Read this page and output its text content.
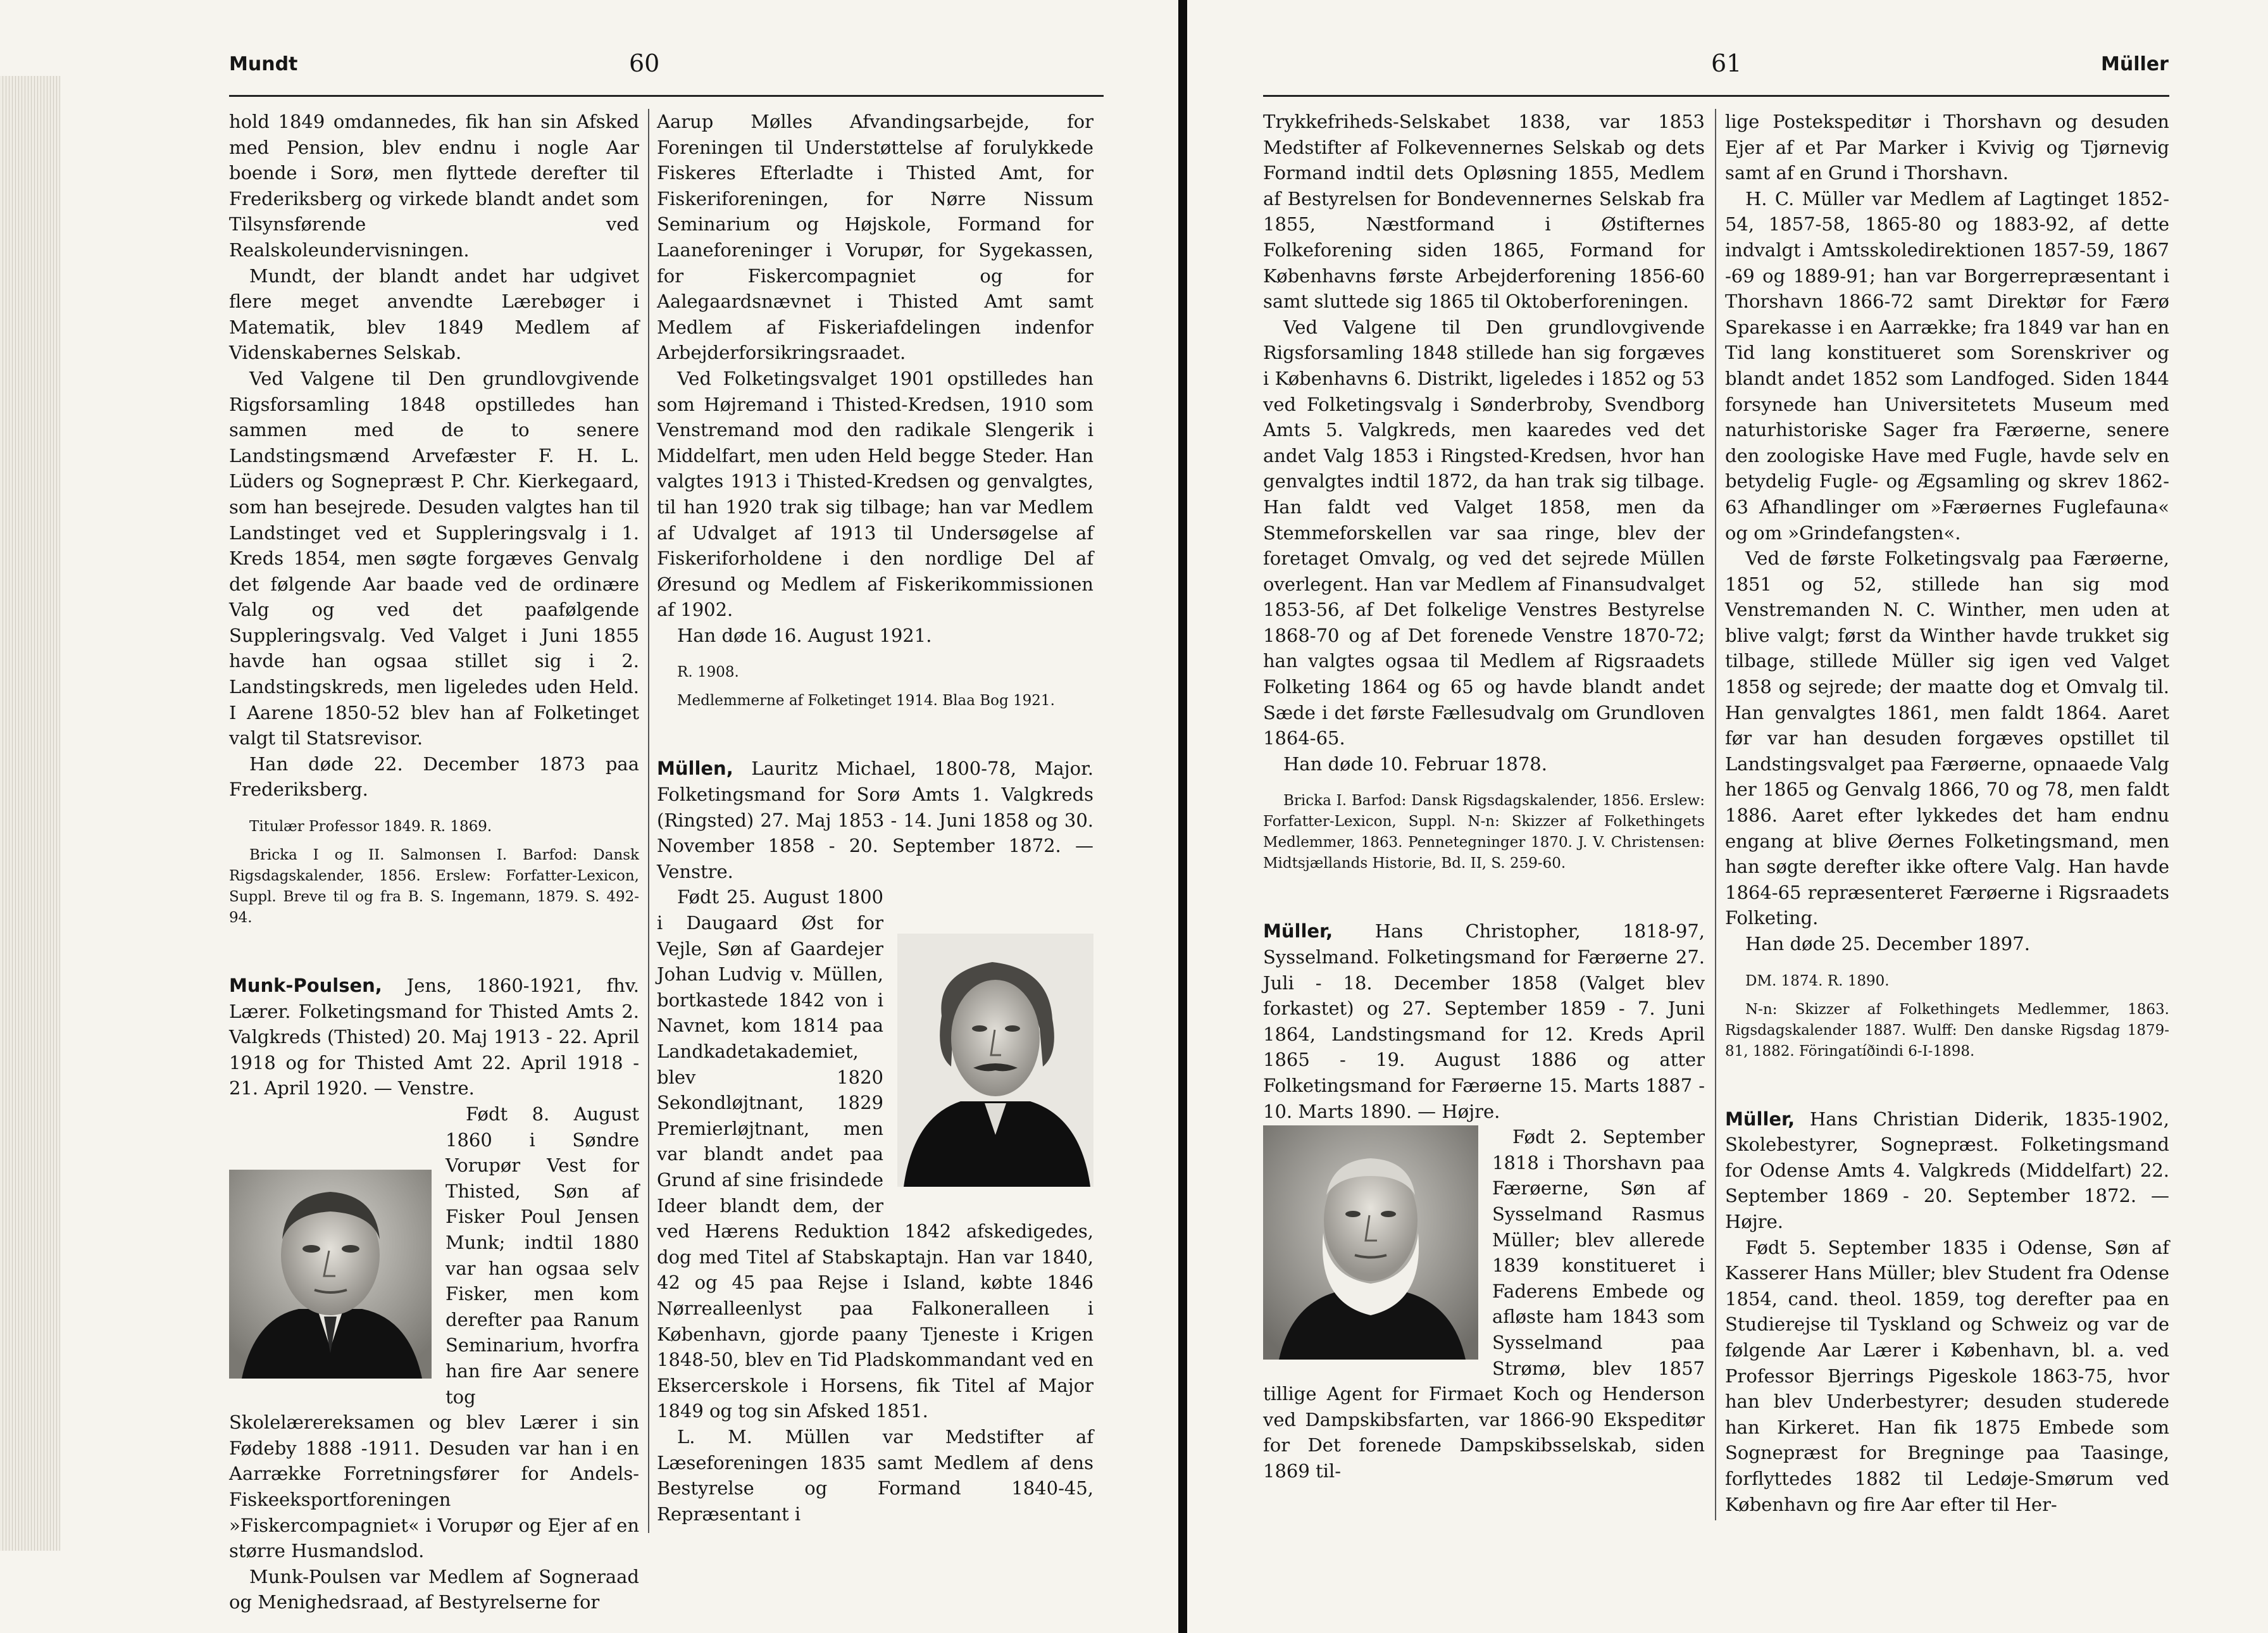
Mundt	60

hold 1849 omdannedes, fik han sin Afsked med Pension, blev endnu i nogle Aar boende i Sorø, men flyttede derefter til Frederiksberg og virkede blandt andet som Tilsynsførende ved Realskoleundervisningen.

Mundt, der blandt andet har udgivet flere meget anvendte Lærebøger i Matematik, blev 1849 Medlem af Videnskabernes Selskab.

Ved Valgene til Den grundlovgivende Rigsforsamling 1848 opstilledes han sammen med de to senere Landstingsmænd Arvefæster F. H. L. Lüders og Sognepræst P. Chr. Kierkegaard, som han besejrede. Desuden valgtes han til Landstinget ved et Suppleringsvalg i 1. Kreds 1854, men søgte forgæves Genvalg det følgende Aar baade ved de ordinære Valg og ved det paafølgende Suppleringsvalg. Ved Valget i Juni 1855 havde han ogsaa stillet sig i 2. Landstingskreds, men ligeledes uden Held. I Aarene 1850-52 blev han af Folketinget valgt til Statsrevisor.

Han døde 22. December 1873 paa Frederiksberg.

Titulær Professor 1849. R. 1869.

Bricka I og II. Salmonsen I. Barfod: Dansk Rigsdagskalender, 1856. Erslew: Forfatter-Lexicon, Suppl. Breve til og fra B. S. Ingemann, 1879. S. 492-94.

Munk-Poulsen, Jens, 1860-1921, fhv. Lærer. Folketingsmand for Thisted Amts 2. Valgkreds (Thisted) 20. Maj 1913 - 22. April 1918 og for Thisted Amt 22. April 1918 - 21. April 1920. — Venstre.

Født 8. August 1860 i Søndre Vorupør Vest for Thisted, Søn af Fisker Poul Jensen Munk; indtil 1880 var han ogsaa selv Fisker, men kom derefter paa Ranum Seminarium, hvorfra han fire Aar senere tog Skolelærereksamen og blev Lærer i sin Fødeby 1888 -1911. Desuden var han i en Aarrække Forretningsfører for Andels-Fiskeeksportforeningen »Fiskercompagniet« i Vorupør og Ejer af en større Husmandslod.

Munk-Poulsen var Medlem af Sogneraad og Menighedsraad, af Bestyrelserne for

Aarup Mølles Afvandingsarbejde, for Foreningen til Understøttelse af forulykkede Fiskeres Efterladte i Thisted Amt, for Fiskeriforeningen, for Nørre Nissum Seminarium og Højskole, Formand for Laaneforeninger i Vorupør, for Sygekassen, for Fiskercompagniet og for Aalegaardsnævnet i Thisted Amt samt Medlem af Fiskeriafdelingen indenfor Arbejderforsikringsraadet.

Ved Folketingsvalget 1901 opstilledes han som Højremand i Thisted-Kredsen, 1910 som Venstremand mod den radikale Slengerik i Middelfart, men uden Held begge Steder. Han valgtes 1913 i Thisted-Kredsen og genvalgtes, til han 1920 trak sig tilbage; han var Medlem af Udvalget af 1913 til Undersøgelse af Fiskeriforholdene i den nordlige Del af Øresund og Medlem af Fiskerikommissionen af 1902.

Han døde 16. August 1921.

R. 1908.

Medlemmerne af Folketinget 1914. Blaa Bog 1921.

Müllen, Lauritz Michael, 1800-78, Major. Folketingsmand for Sorø Amts 1. Valgkreds (Ringsted) 27. Maj 1853 - 14. Juni 1858 og 30. November 1858 - 20. September 1872. — Venstre.

Født 25. August 1800 i Daugaard Øst for Vejle, Søn af Gaardejer Johan Ludvig v. Müllen, bortkastede 1842 von i Navnet, kom 1814 paa Landkadetakademiet, blev 1820 Sekondløjtnant, 1829 Premierløjtnant, men var blandt andet paa Grund af sine frisindede Ideer blandt dem, der ved Hærens Reduktion 1842 afskedigedes, dog med Titel af Stabskaptajn. Han var 1840, 42 og 45 paa Rejse i Island, købte 1846 Nørrealleenlyst paa Falkoneralleen i København, gjorde paany Tjeneste i Krigen 1848-50, blev en Tid Pladskommandant ved en Eksercerskole i Horsens, fik Titel af Major 1849 og tog sin Afsked 1851.

L. M. Müllen var Medstifter af Læseforeningen 1835 samt Medlem af dens Bestyrelse og Formand 1840-45, Repræsentant i

61	Müller

Trykkefriheds-Selskabet 1838, var 1853 Medstifter af Folkevennernes Selskab og dets Formand indtil dets Opløsning 1855, Medlem af Bestyrelsen for Bondevennernes Selskab fra 1855, Næstformand i Østifternes Folkeforening siden 1865, Formand for Københavns første Arbejderforening 1856-60 samt sluttede sig 1865 til Oktoberforeningen.

Ved Valgene til Den grundlovgivende Rigsforsamling 1848 stillede han sig forgæves i Københavns 6. Distrikt, ligeledes i 1852 og 53 ved Folketingsvalg i Sønderbroby, Svendborg Amts 5. Valgkreds, men kaaredes ved det andet Valg 1853 i Ringsted-Kredsen, hvor han genvalgtes indtil 1872, da han trak sig tilbage. Han faldt ved Valget 1858, men da Stemmeforskellen var saa ringe, blev der foretaget Omvalg, og ved det sejrede Müllen overlegent. Han var Medlem af Finansudvalget 1853-56, af Det folkelige Venstres Bestyrelse 1868-70 og af Det forenede Venstre 1870-72; han valgtes ogsaa til Medlem af Rigsraadets Folketing 1864 og 65 og havde blandt andet Sæde i det første Fællesudvalg om Grundloven 1864-65.

Han døde 10. Februar 1878.

Bricka I. Barfod: Dansk Rigsdagskalender, 1856. Erslew: Forfatter-Lexicon, Suppl. N-n: Skizzer af Folkethingets Medlemmer, 1863. Pennetegninger 1870. J. V. Christensen: Midtsjællands Historie, Bd. II, S. 259-60.

Müller, Hans Christopher, 1818-97, Sysselmand. Folketingsmand for Færøerne 27. Juli - 18. December 1858 (Valget blev forkastet) og 27. September 1859 - 7. Juni 1864, Landstingsmand for 12. Kreds April 1865 - 19. August 1886 og atter Folketingsmand for Færøerne 15. Marts 1887 - 10. Marts 1890. — Højre.

Født 2. September 1818 i Thorshavn paa Færøerne, Søn af Sysselmand Rasmus Müller; blev allerede 1839 konstitueret i Faderens Embede og afløste ham 1843 som Sysselmand paa Strømø, blev 1857 tillige Agent for Firmaet Koch og Henderson ved Dampskibsfarten, var 1866-90 Ekspeditør for Det forenede Dampskibsselskab, siden 1869 til-

lige Postekspeditør i Thorshavn og desuden Ejer af et Par Marker i Kvivig og Tjørnevig samt af en Grund i Thorshavn.

H. C. Müller var Medlem af Lagtinget 1852-54, 1857-58, 1865-80 og 1883-92, af dette indvalgt i Amtsskoledirektionen 1857-59, 1867 -69 og 1889-91; han var Borgerrepræsentant i Thorshavn 1866-72 samt Direktør for Færø Sparekasse i en Aarrække; fra 1849 var han en Tid lang konstitueret som Sorenskriver og blandt andet 1852 som Landfoged. Siden 1844 forsynede han Universitetets Museum med naturhistoriske Sager fra Færøerne, senere den zoologiske Have med Fugle, havde selv en betydelig Fugle- og Ægsamling og skrev 1862-63 Afhandlinger om »Færøernes Fuglefauna« og om »Grindefangsten«.

Ved de første Folketingsvalg paa Færøerne, 1851 og 52, stillede han sig mod Venstremanden N. C. Winther, men uden at blive valgt; først da Winther havde trukket sig tilbage, stillede Müller sig igen ved Valget 1858 og sejrede; der maatte dog et Omvalg til. Han genvalgtes 1861, men faldt 1864. Aaret før var han desuden forgæves opstillet til Landstingsvalget paa Færøerne, opnaaede Valg her 1865 og Genvalg 1866, 70 og 78, men faldt 1886. Aaret efter lykkedes det ham endnu engang at blive Øernes Folketingsmand, men han søgte derefter ikke oftere Valg. Han havde 1864-65 repræsenteret Færøerne i Rigsraadets Folketing.

Han døde 25. December 1897.

DM. 1874. R. 1890.

N-n: Skizzer af Folkethingets Medlemmer, 1863. Rigsdagskalender 1887. Wulff: Den danske Rigsdag 1879-81, 1882. Föringatíðindi 6-I-1898.

Müller, Hans Christian Diderik, 1835-1902, Skolebestyrer, Sognepræst. Folketingsmand for Odense Amts 4. Valgkreds (Middelfart) 22. September 1869 - 20. September 1872. — Højre.

Født 5. September 1835 i Odense, Søn af Kasserer Hans Müller; blev Student fra Odense 1854, cand. theol. 1859, tog derefter paa en Studierejse til Tyskland og Schweiz og var de følgende Aar Lærer i København, bl. a. ved Professor Bjerrings Pigeskole 1863-75, hvor han blev Underbestyrer; desuden studerede han Kirkeret. Han fik 1875 Embede som Sognepræst for Bregninge paa Taasinge, forflyttedes 1882 til Ledøje-Smørum ved København og fire Aar efter til Her-
